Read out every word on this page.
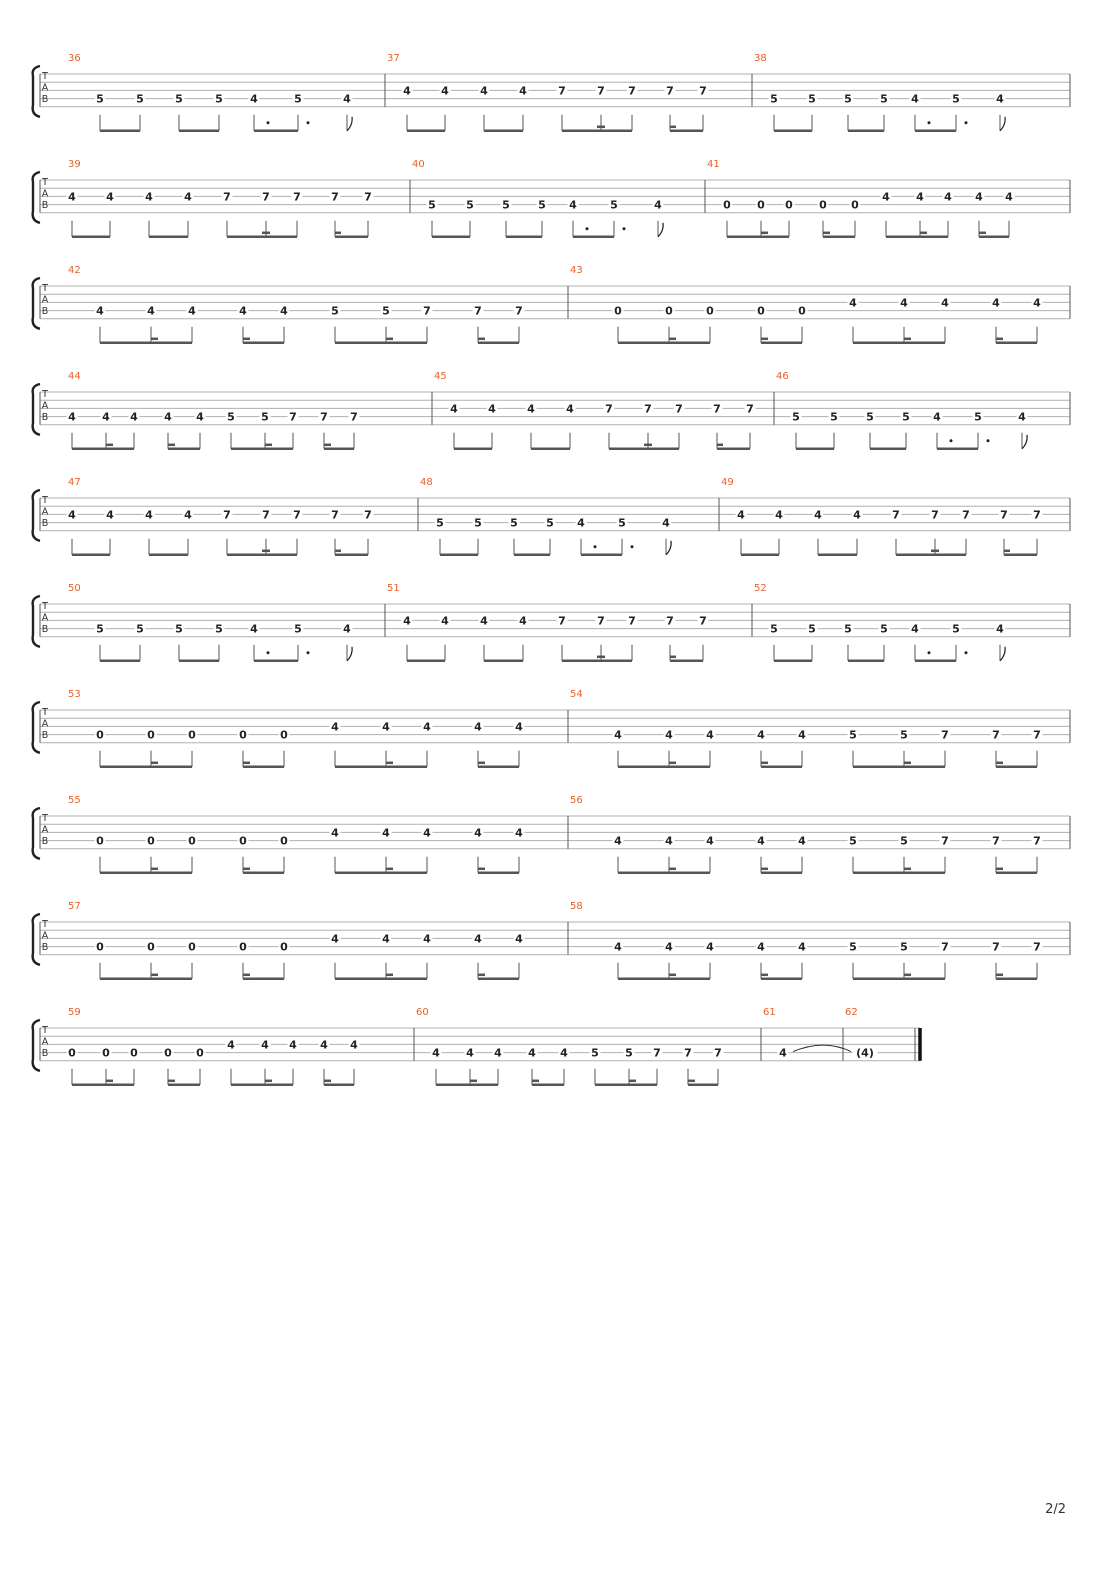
T
A
B
36
5	5	5	5 4	5	4
37
4	4	4	4	7	7 7	7 7
38
5	5	5	5 4	5	4
T
A
B
39
4	4	4	4	7	7 7	7 7
40
5	5	5	5 4	5	4
41
0 0 0 0 0
4 4 4 4 4
T
A
B
42
4	4	4	4	4	5	5	7	7	7
43
0	0	0	0	0
4	4	4	4	4
T
A
B
44
4 4 4 4 4 5 5 7 7 7
45
4	4	4	4	7	7 7	7 7
46
5	5	5	5 4	5	4
T
A
B
47
4	4	4	4	7	7 7	7 7
48
5	5	5	5 4	5	4
49
4	4	4	4	7	7 7	7 7
T
A
B
50
5	5	5	5 4	5	4
51
4	4	4	4	7	7 7	7 7
52
5	5	5	5 4	5	4
T
A
B
53
0	0	0	0	0
4	4	4	4	4
54
4	4	4	4	4	5	5	7	7	7
T
A
B
55
0	0	0	0	0
4	4	4	4	4
56
4	4	4	4	4	5	5	7	7	7
T
A
B
57
0	0	0	0	0
4	4	4	4	4
58
4	4	4	4	4	5	5	7	7	7
T
A
B
59
0 0 0 0 0
4 4 4 4 4
60
4 4 4 4 4 5 5 7 7 7
61
4
62
(4)
2/2
